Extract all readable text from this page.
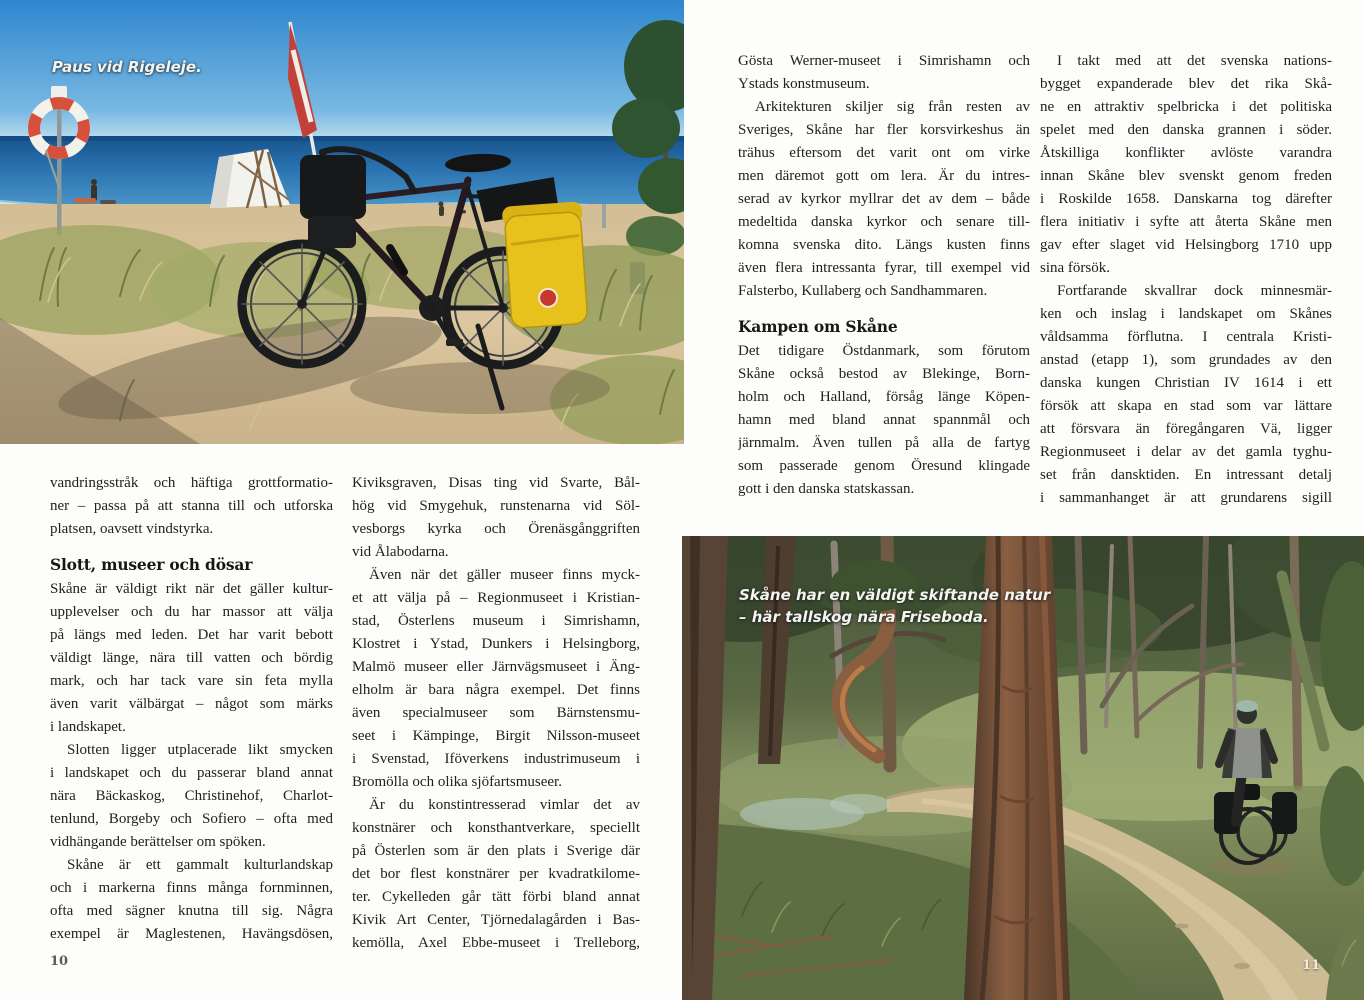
Paus vid Rigeleje.
vandringsstråk och häftiga grottformatio-
ner – passa på att stanna till och utforska
platsen, oavsett vindstyrka.
Slott, museer och dösar
Skåne är väldigt rikt när det gäller kultur-
upplevelser och du har massor att välja
på längs med leden. Det har varit bebott
väldigt länge, nära till vatten och bördig
mark, och har tack vare sin feta mylla
även varit välbärgat – något som märks
i landskapet.
Slotten ligger utplacerade likt smycken
i landskapet och du passerar bland annat
nära Bäckaskog, Christinehof, Charlot-
tenlund, Borgeby och Sofiero – ofta med
vidhängande berättelser om spöken.
Skåne är ett gammalt kulturlandskap
och i markerna finns många fornminnen,
ofta med sägner knutna till sig. Några
exempel är Maglestenen, Havängsdösen,
Kiviksgraven, Disas ting vid Svarte, Bål-
hög vid Smygehuk, runstenarna vid Söl-
vesborgs kyrka och Örenäsgånggriften
vid Ålabodarna.
Även när det gäller museer finns myck-
et att välja på – Regionmuseet i Kristian-
stad, Österlens museum i Simrishamn,
Klostret i Ystad, Dunkers i Helsingborg,
Malmö museer eller Järnvägsmuseet i Äng-
elholm är bara några exempel. Det finns
även specialmuseer som Bärnstensmu-
seet i Kämpinge, Birgit Nilsson-museet
i Svenstad, Iföverkens industrimuseum i
Bromölla och olika sjöfartsmuseer.
Är du konstintresserad vimlar det av
konstnärer och konsthantverkare, speciellt
på Österlen som är den plats i Sverige där
det bor flest konstnärer per kvadratkilome-
ter. Cykelleden går tätt förbi bland annat
Kivik Art Center, Tjörnedalagården i Bas-
kemölla, Axel Ebbe-museet i Trelleborg,
10
Gösta Werner-museet i Simrishamn och
Ystads konstmuseum.
Arkitekturen skiljer sig från resten av
Sveriges, Skåne har fler korsvirkeshus än
trähus eftersom det varit ont om virke
men däremot gott om lera. Är du intres-
serad av kyrkor myllrar det av dem – både
medeltida danska kyrkor och senare till-
komna svenska dito. Längs kusten finns
även flera intressanta fyrar, till exempel vid
Falsterbo, Kullaberg och Sandhammaren.
Kampen om Skåne
Det tidigare Östdanmark, som förutom
Skåne också bestod av Blekinge, Born-
holm och Halland, försåg länge Köpen-
hamn med bland annat spannmål och
järnmalm. Även tullen på alla de fartyg
som passerade genom Öresund klingade
gott i den danska statskassan.
I takt med att det svenska nations-
bygget expanderade blev det rika Skå-
ne en attraktiv spelbricka i det politiska
spelet med den danska grannen i söder.
Åtskilliga konflikter avlöste varandra
innan Skåne blev svenskt genom freden
i Roskilde 1658. Danskarna tog därefter
flera initiativ i syfte att återta Skåne men
gav efter slaget vid Helsingborg 1710 upp
sina försök.
Fortfarande skvallrar dock minnesmär-
ken och inslag i landskapet om Skånes
våldsamma förflutna. I centrala Kristi-
anstad (etapp 1), som grundades av den
danska kungen Christian IV 1614 i ett
försök att skapa en stad som var lättare
att försvara än föregångaren Vä, ligger
Regionmuseet i delar av det gamla tyghu-
set från dansktiden. En intressant detalj
i sammanhanget är att grundarens sigill
Skåne har en väldigt skiftande natur
– här tallskog nära Friseboda.
11
